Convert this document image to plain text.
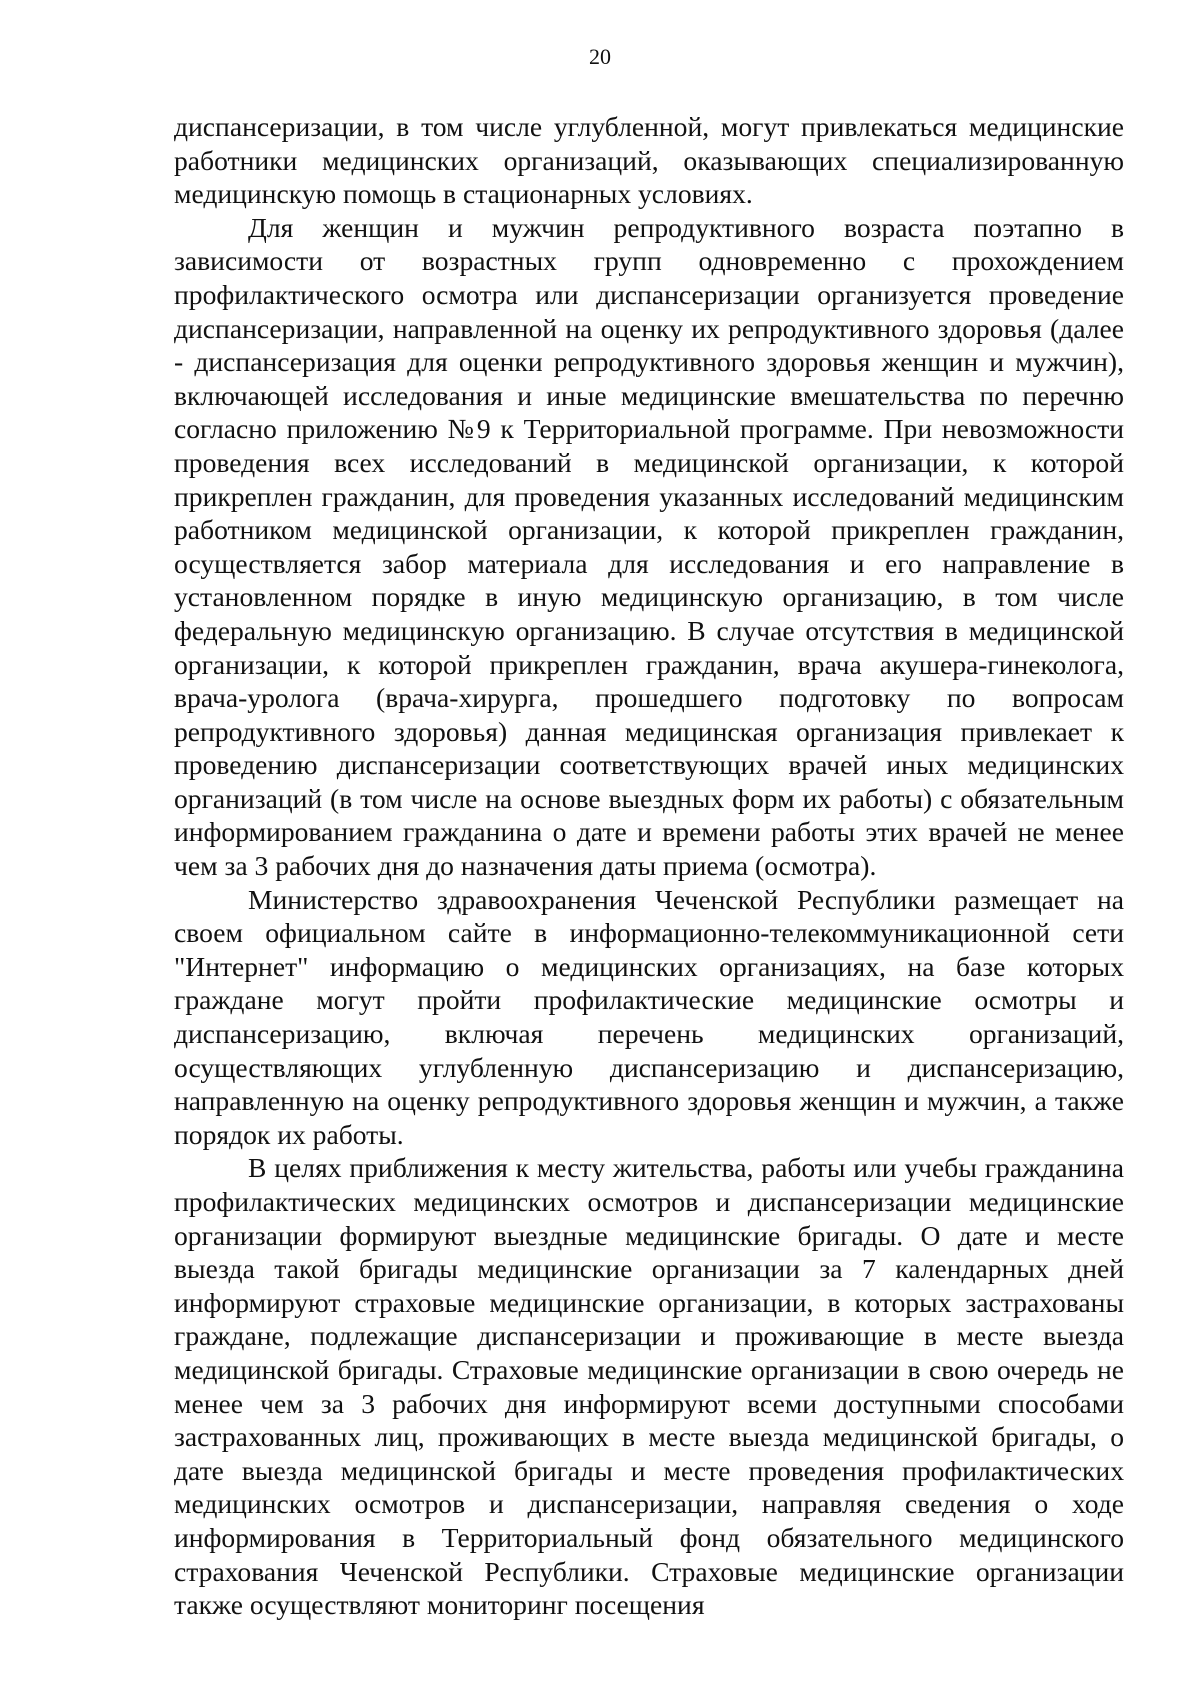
20

диспансеризации, в том числе углубленной, могут привлекаться медицинские работники медицинских организаций, оказывающих специализированную медицинскую помощь в стационарных условиях.

Для женщин и мужчин репродуктивного возраста поэтапно в зависимости от возрастных групп одновременно с прохождением профилактического осмотра или диспансеризации организуется проведение диспансеризации, направленной на оценку их репродуктивного здоровья (далее - диспансеризация для оценки репродуктивного здоровья женщин и мужчин), включающей исследования и иные медицинские вмешательства по перечню согласно приложению №9 к Территориальной программе. При невозможности проведения всех исследований в медицинской организации, к которой прикреплен гражданин, для проведения указанных исследований медицинским работником медицинской организации, к которой прикреплен гражданин, осуществляется забор материала для исследования и его направление в установленном порядке в иную медицинскую организацию, в том числе федеральную медицинскую организацию. В случае отсутствия в медицинской организации, к которой прикреплен гражданин, врача акушера-гинеколога, врача-уролога (врача-хирурга, прошедшего подготовку по вопросам репродуктивного здоровья) данная медицинская организация привлекает к проведению диспансеризации соответствующих врачей иных медицинских организаций (в том числе на основе выездных форм их работы) с обязательным информированием гражданина о дате и времени работы этих врачей не менее чем за 3 рабочих дня до назначения даты приема (осмотра).

Министерство здравоохранения Чеченской Республики размещает на своем официальном сайте в информационно-телекоммуникационной сети "Интернет" информацию о медицинских организациях, на базе которых граждане могут пройти профилактические медицинские осмотры и диспансеризацию, включая перечень медицинских организаций, осуществляющих углубленную диспансеризацию и диспансеризацию, направленную на оценку репродуктивного здоровья женщин и мужчин, а также порядок их работы.

В целях приближения к месту жительства, работы или учебы гражданина профилактических медицинских осмотров и диспансеризации медицинские организации формируют выездные медицинские бригады. О дате и месте выезда такой бригады медицинские организации за 7 календарных дней информируют страховые медицинские организации, в которых застрахованы граждане, подлежащие диспансеризации и проживающие в месте выезда медицинской бригады. Страховые медицинские организации в свою очередь не менее чем за 3 рабочих дня информируют всеми доступными способами застрахованных лиц, проживающих в месте выезда медицинской бригады, о дате выезда медицинской бригады и месте проведения профилактических медицинских осмотров и диспансеризации, направляя сведения о ходе информирования в Территориальный фонд обязательного медицинского страхования Чеченской Республики. Страховые медицинские организации также осуществляют мониторинг посещения
